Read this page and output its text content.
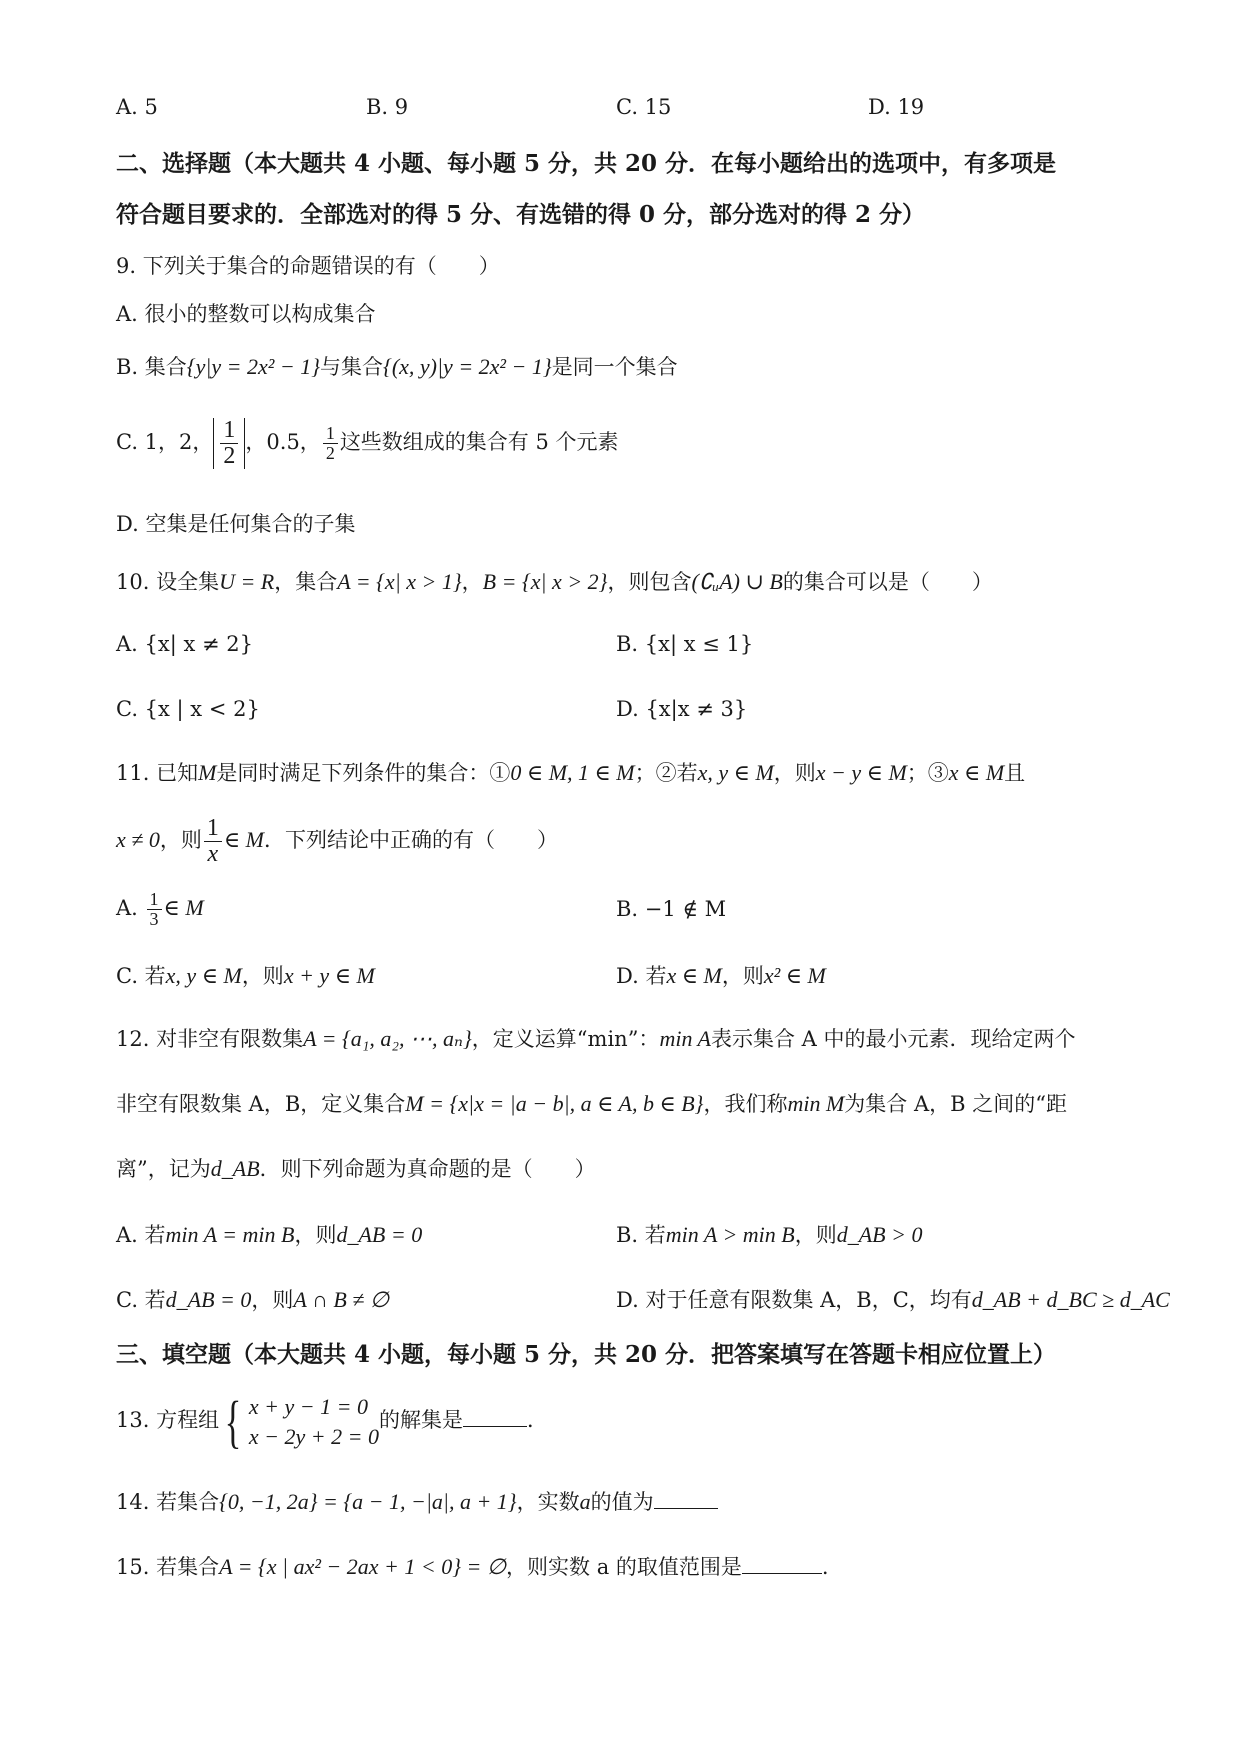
A. 5	B. 9	C. 15	D. 19
二、选择题（本大题共 4 小题、每小题 5 分，共 20 分．在每小题给出的选项中，有多项是
符合题目要求的．全部选对的得 5 分、有选错的得 0 分，部分选对的得 2 分）
9. 下列关于集合的命题错误的有（　　）
A. 很小的整数可以构成集合
B. 集合{y|y = 2x² − 1}与集合{(x, y)|y = 2x² − 1}是同一个集合
C. 1，2， $\frac{1}{2}$ ，0.5， $\frac{1}{2}$ 这些数组成的集合有 5 个元素
D. 空集是任何集合的子集
10. 设全集U = R，集合A = {x| x > 1}，B = {x| x > 2}，则包含(∁ᵤA) ∪ B的集合可以是（　　）
A. {x| x ≠ 2}	B. {x| x ≤ 1}
C. {x | x < 2}	D. {x|x ≠ 3}
11. 已知M是同时满足下列条件的集合：①0 ∈ M, 1 ∈ M；②若x, y ∈ M，则x − y ∈ M；③x ∈ M且
x ≠ 0，则 $\frac{1}{x}$ ∈ M．下列结论中正确的有（　　）
A. $\frac{1}{3}$ ∈ M	B. −1 ∉ M
C. 若x, y ∈ M，则x + y ∈ M	D. 若x ∈ M，则x² ∈ M
12. 对非空有限数集A = {a₁, a₂, ⋯, aₙ}，定义运算“min”：min A表示集合 A 中的最小元素．现给定两个
非空有限数集 A，B，定义集合M = {x|x = |a − b|, a ∈ A, b ∈ B}，我们称min M为集合 A，B 之间的“距
离”，记为d_AB．则下列命题为真命题的是（　　）
A. 若min A = min B，则d_AB = 0	B. 若min A > min B，则d_AB > 0
C. 若d_AB = 0，则A ∩ B ≠ ∅	D. 对于任意有限数集 A，B，C，均有d_AB + d_BC ≥ d_AC
三、填空题（本大题共 4 小题，每小题 5 分，共 20 分．把答案填写在答题卡相应位置上）
13. 方程组 { x + y − 1 = 0
x − 2y + 2 = 0
的解集是	．
14. 若集合{0, −1, 2a} = {a − 1, −|a|, a + 1}，实数a的值为
15. 若集合A = {x | ax² − 2ax + 1 < 0} = ∅，则实数 a 的取值范围是	.
